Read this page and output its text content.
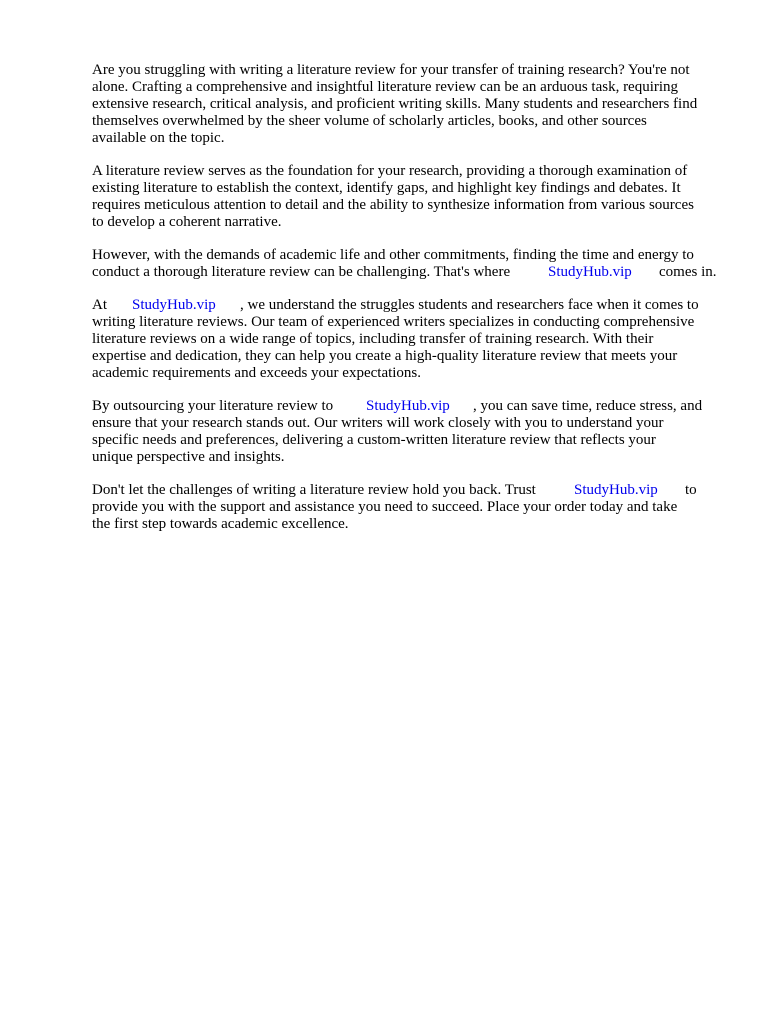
Are you struggling with writing a literature review for your transfer of training research? You're not
alone. Crafting a comprehensive and insightful literature review can be an arduous task, requiring
extensive research, critical analysis, and proficient writing skills. Many students and researchers find
themselves overwhelmed by the sheer volume of scholarly articles, books, and other sources
available on the topic.
A literature review serves as the foundation for your research, providing a thorough examination of
existing literature to establish the context, identify gaps, and highlight key findings and debates. It
requires meticulous attention to detail and the ability to synthesize information from various sources
to develop a coherent narrative.
However, with the demands of academic life and other commitments, finding the time and energy to
conduct a thorough literature review can be challenging. That's where	StudyHub.vip comes in.
At StudyHub.vip , we understand the struggles students and researchers face when it comes to
writing literature reviews. Our team of experienced writers specializes in conducting comprehensive
literature reviews on a wide range of topics, including transfer of training research. With their
expertise and dedication, they can help you create a high-quality literature review that meets your
academic requirements and exceeds your expectations.
By outsourcing your literature review to StudyHub.vip , you can save time, reduce stress, and
ensure that your research stands out. Our writers will work closely with you to understand your
specific needs and preferences, delivering a custom-written literature review that reflects your
unique perspective and insights.
Don't let the challenges of writing a literature review hold you back. Trust	StudyHub.vip to
provide you with the support and assistance you need to succeed. Place your order today and take
the first step towards academic excellence.
